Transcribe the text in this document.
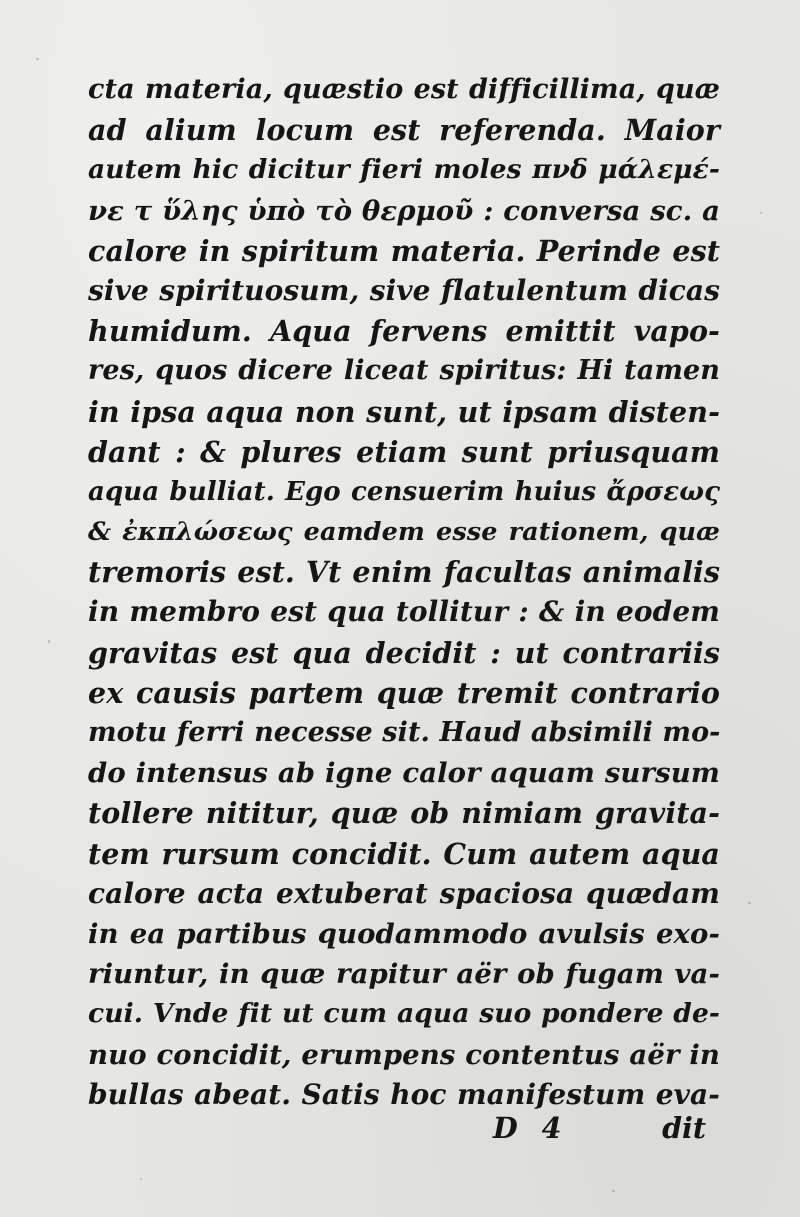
cta materia, quæstio est difficillima, quæ
ad alium locum est referenda. Maior
autem hic dicitur fieri moles πνδ μάλεμέ-
νε τ ὕλης ὑπὸ τὸ θερμοῦ : conversa sc. a
calore in spiritum materia. Perinde est
sive spirituosum, sive flatulentum dicas
humidum. Aqua fervens emittit vapo-
res, quos dicere liceat spiritus: Hi tamen
in ipsa aqua non sunt, ut ipsam disten-
dant : & plures etiam sunt priusquam
aqua bulliat. Ego censuerim huius ἄρσεως
& ἐκπλώσεως eamdem esse rationem, quæ
tremoris est. Vt enim facultas animalis
in membro est qua tollitur : & in eodem
gravitas est qua decidit : ut contrariis
ex causis partem quæ tremit contrario
motu ferri necesse sit. Haud absimili mo-
do intensus ab igne calor aquam sursum
tollere nititur, quæ ob nimiam gravita-
tem rursum concidit. Cum autem aqua
calore acta extuberat spaciosa quædam
in ea partibus quodammodo avulsis exo-
riuntur, in quæ rapitur aër ob fugam va-
cui. Vnde fit ut cum aqua suo pondere de-
nuo concidit, erumpens contentus aër in
bullas abeat. Satis hoc manifestum eva-
D 4	dit
